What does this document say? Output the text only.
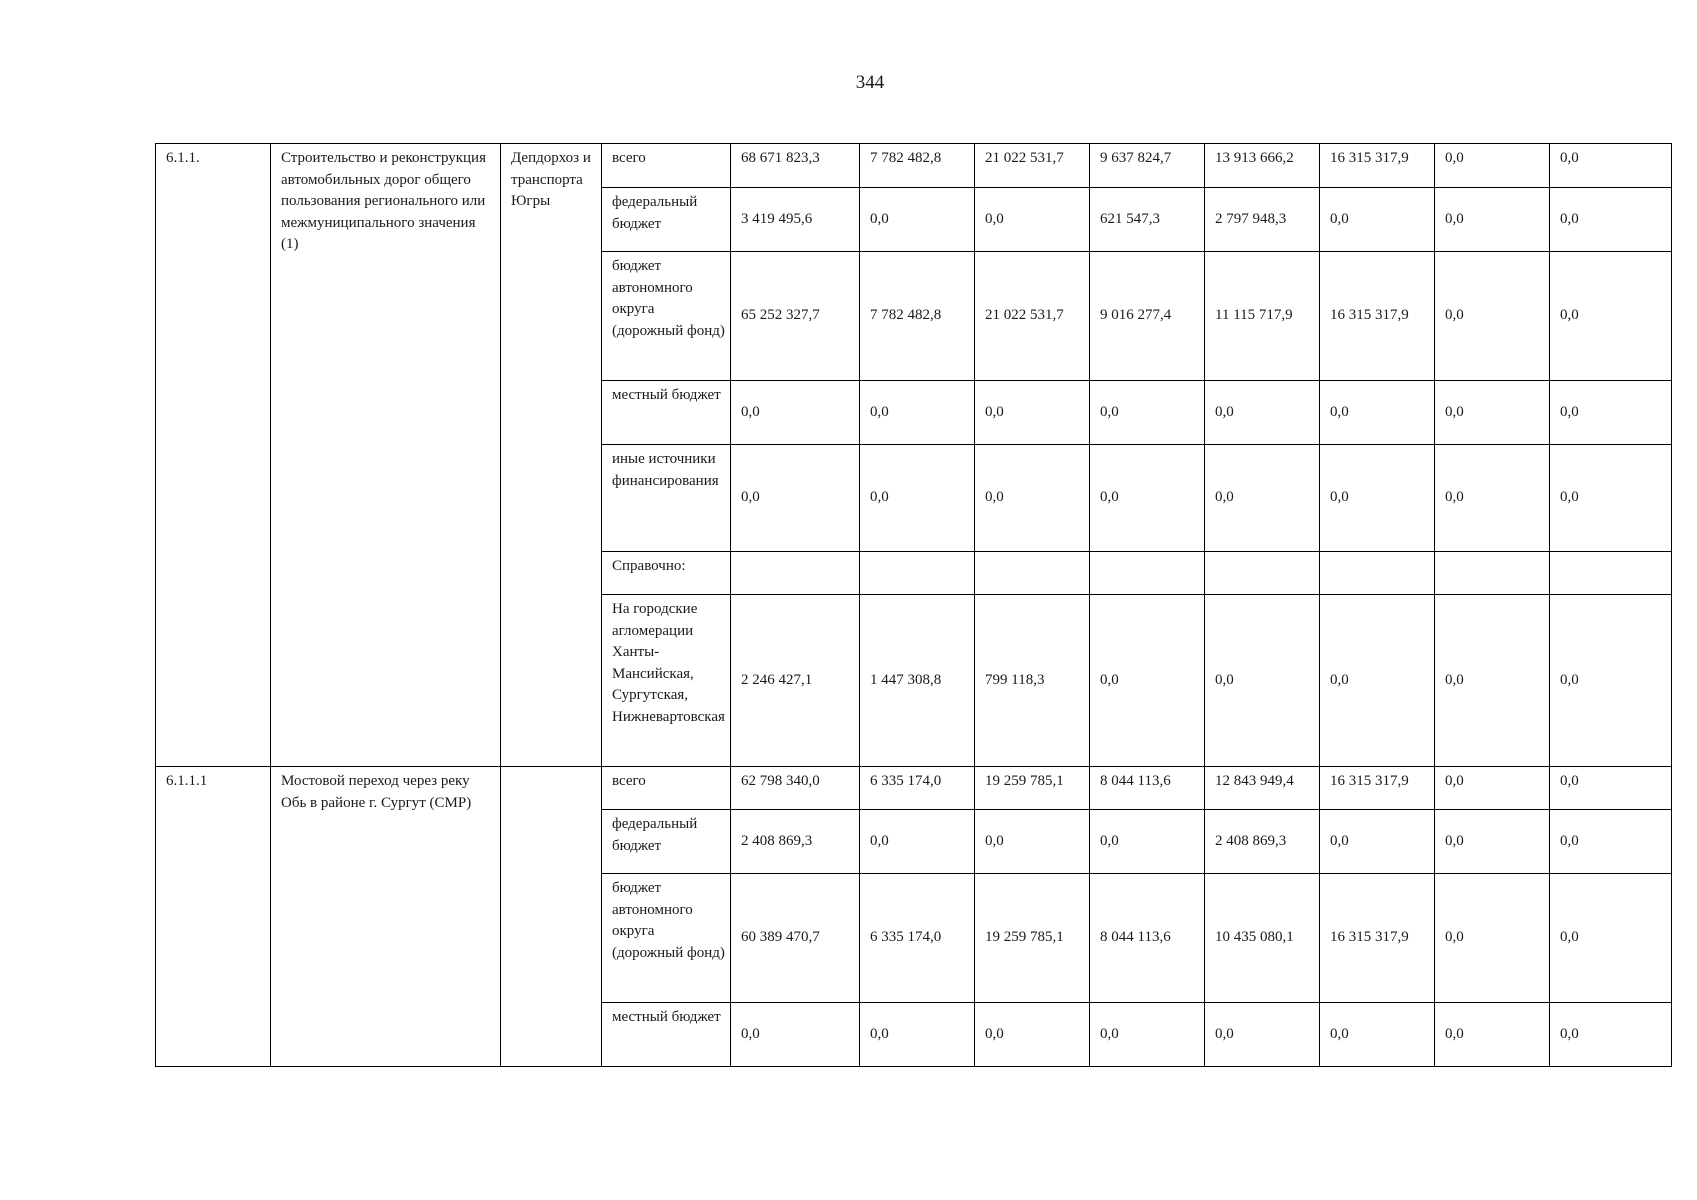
344
6.1.1.	Строительство и реконструкция автомобильных дорог общего пользования регионального или межмуниципального значения (1)	Депдорхоз и транспорта Югры	всего	68 671 823,3	7 782 482,8	21 022 531,7	9 637 824,7	13 913 666,2	16 315 317,9	0,0	0,0
			федеральный бюджет	3 419 495,6	0,0	0,0	621 547,3	2 797 948,3	0,0	0,0	0,0
			бюджет автономного округа (дорожный фонд)	65 252 327,7	7 782 482,8	21 022 531,7	9 016 277,4	11 115 717,9	16 315 317,9	0,0	0,0
			местный бюджет	0,0	0,0	0,0	0,0	0,0	0,0	0,0	0,0
			иные источники финансирования	0,0	0,0	0,0	0,0	0,0	0,0	0,0	0,0
			Справочно:								
			На городские агломерации Ханты-Мансийская, Сургутская, Нижневартовская	2 246 427,1	1 447 308,8	799 118,3	0,0	0,0	0,0	0,0	0,0
6.1.1.1	Мостовой переход через реку Обь в районе г. Сургут (СМР)		всего	62 798 340,0	6 335 174,0	19 259 785,1	8 044 113,6	12 843 949,4	16 315 317,9	0,0	0,0
			федеральный бюджет	2 408 869,3	0,0	0,0	0,0	2 408 869,3	0,0	0,0	0,0
			бюджет автономного округа (дорожный фонд)	60 389 470,7	6 335 174,0	19 259 785,1	8 044 113,6	10 435 080,1	16 315 317,9	0,0	0,0
			местный бюджет	0,0	0,0	0,0	0,0	0,0	0,0	0,0	0,0
